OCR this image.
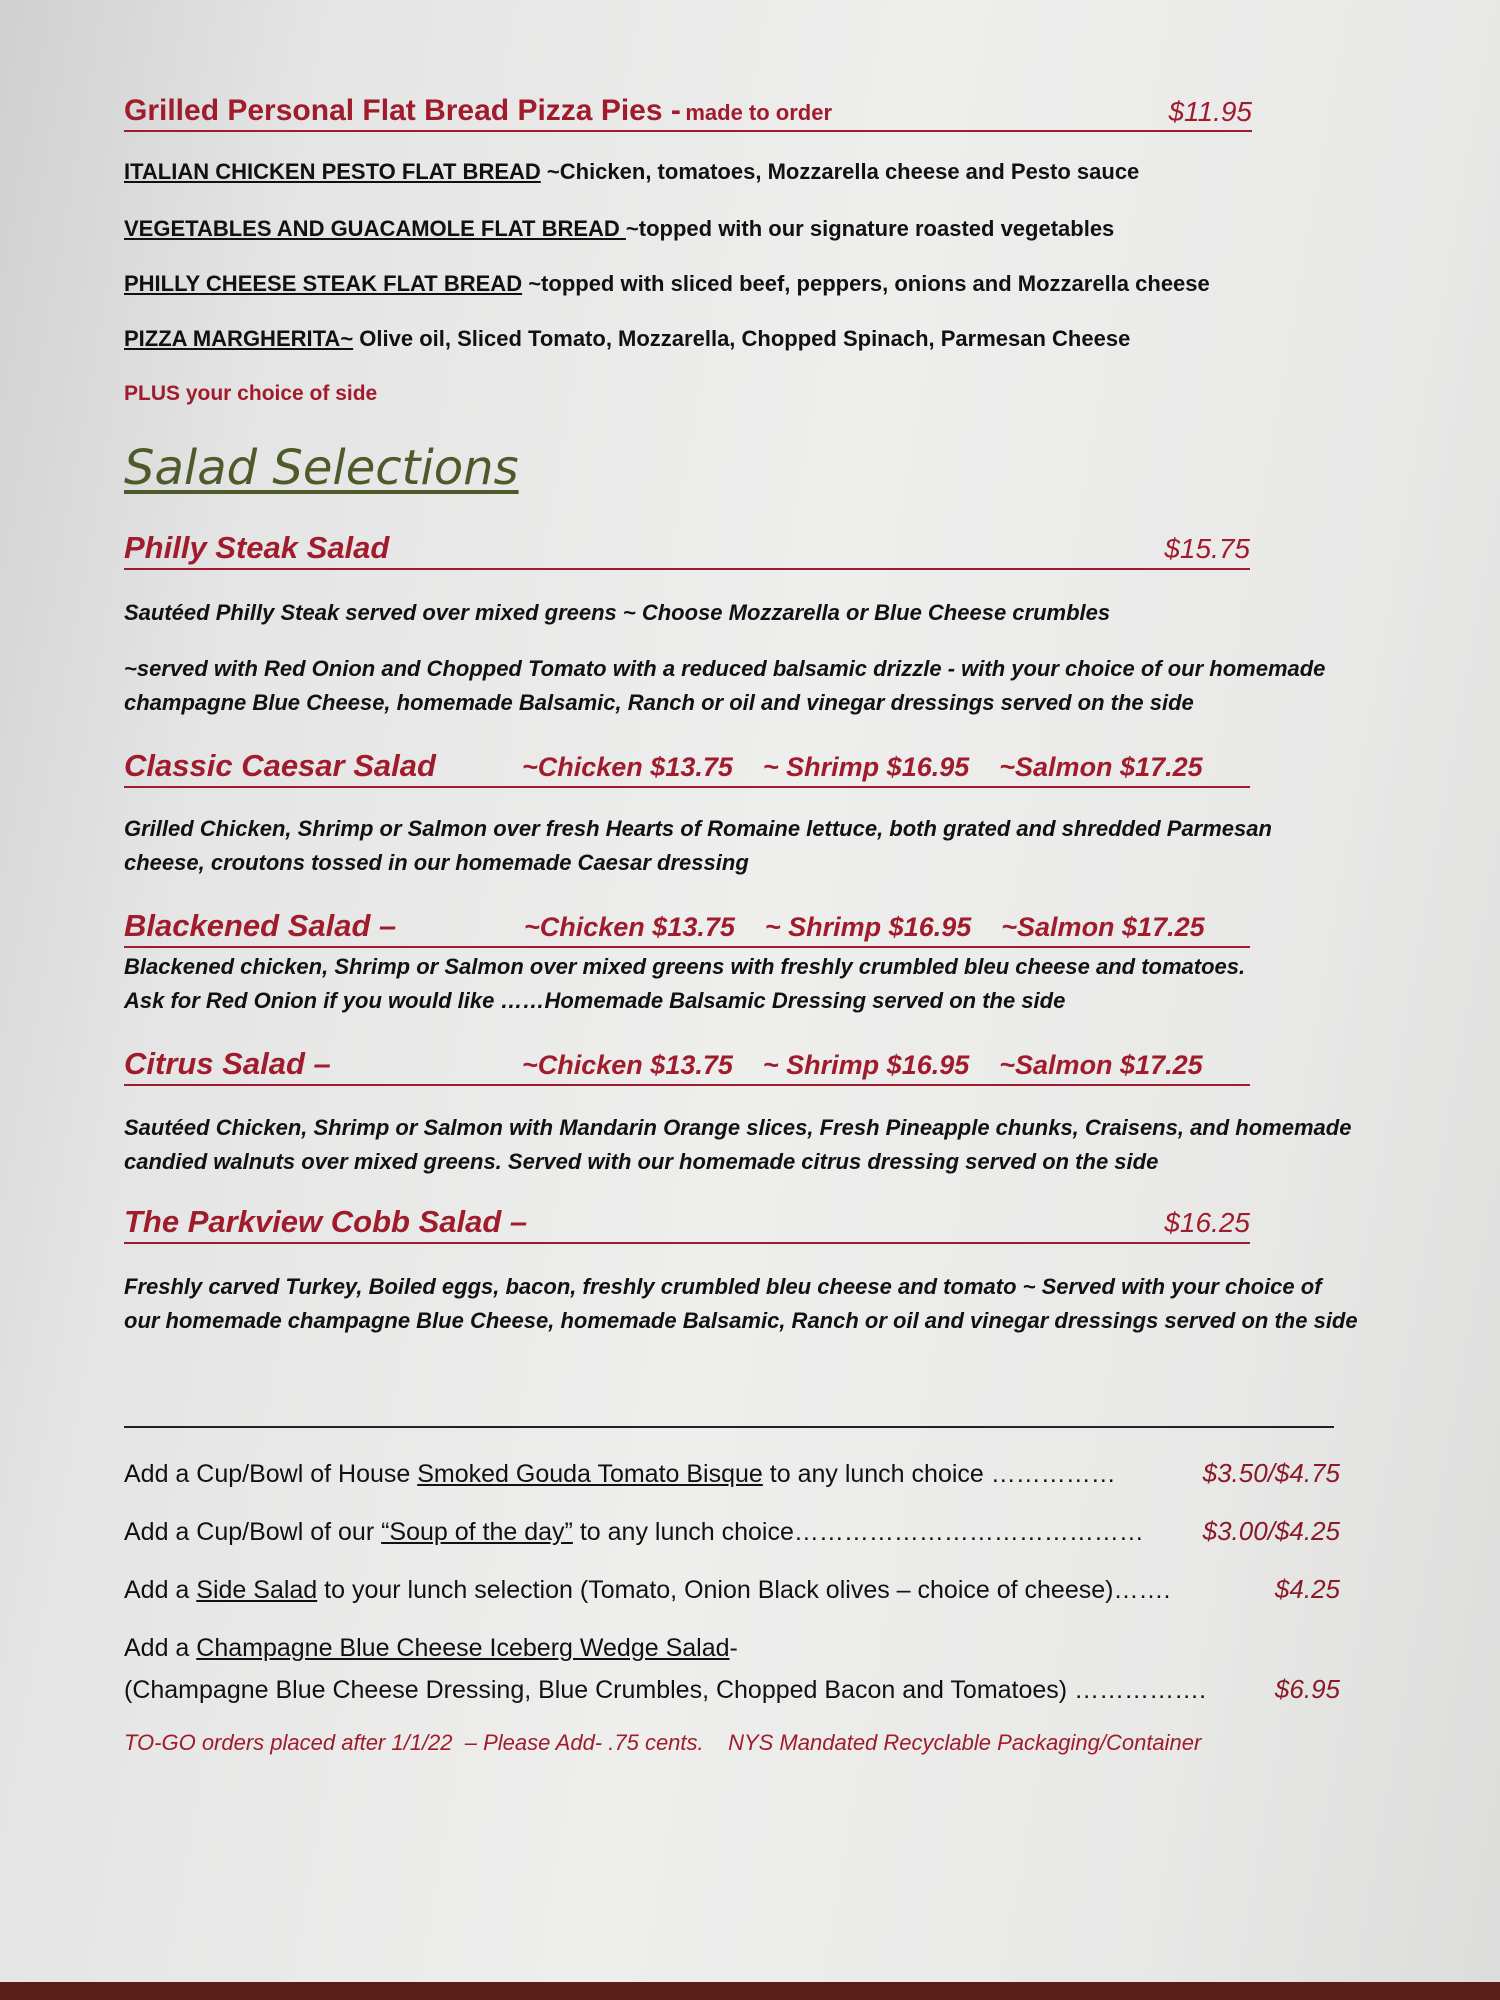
Grilled Personal Flat Bread Pizza Pies - made to order	$11.95
ITALIAN CHICKEN PESTO FLAT BREAD ~Chicken, tomatoes, Mozzarella cheese and Pesto sauce
VEGETABLES AND GUACAMOLE FLAT BREAD ~topped with our signature roasted vegetables
PHILLY CHEESE STEAK FLAT BREAD ~topped with sliced beef, peppers, onions and Mozzarella cheese
PIZZA MARGHERITA~ Olive oil, Sliced Tomato, Mozzarella, Chopped Spinach, Parmesan Cheese
PLUS your choice of side
Salad Selections
Philly Steak Salad	$15.75
Sautéed Philly Steak served over mixed greens ~ Choose Mozzarella or Blue Cheese crumbles
~served with Red Onion and Chopped Tomato with a reduced balsamic drizzle - with your choice of our homemade champagne Blue Cheese, homemade Balsamic, Ranch or oil and vinegar dressings served on the side
Classic Caesar Salad	~Chicken $13.75 ~ Shrimp $16.95 ~Salmon $17.25
Grilled Chicken, Shrimp or Salmon over fresh Hearts of Romaine lettuce, both grated and shredded Parmesan cheese, croutons tossed in our homemade Caesar dressing
Blackened Salad –	~Chicken $13.75 ~ Shrimp $16.95 ~Salmon $17.25
Blackened chicken, Shrimp or Salmon over mixed greens with freshly crumbled bleu cheese and tomatoes.
Ask for Red Onion if you would like ……Homemade Balsamic Dressing served on the side
Citrus Salad –	~Chicken $13.75 ~ Shrimp $16.95 ~Salmon $17.25
Sautéed Chicken, Shrimp or Salmon with Mandarin Orange slices, Fresh Pineapple chunks, Craisens, and homemade candied walnuts over mixed greens. Served with our homemade citrus dressing served on the side
The Parkview Cobb Salad –	$16.25
Freshly carved Turkey, Boiled eggs, bacon, freshly crumbled bleu cheese and tomato ~ Served with your choice of our homemade champagne Blue Cheese, homemade Balsamic, Ranch or oil and vinegar dressings served on the side
Add a Cup/Bowl of House Smoked Gouda Tomato Bisque to any lunch choice ……………	$3.50/$4.75
Add a Cup/Bowl of our “Soup of the day” to any lunch choice…………………………………… $3.00/$4.25
Add a Side Salad to your lunch selection (Tomato, Onion Black olives – choice of cheese)…….	$4.25
Add a Champagne Blue Cheese Iceberg Wedge Salad-
(Champagne Blue Cheese Dressing, Blue Crumbles, Chopped Bacon and Tomatoes) …………….	$6.95
TO-GO orders placed after 1/1/22  – Please Add- .75 cents.    NYS Mandated Recyclable Packaging/Container
